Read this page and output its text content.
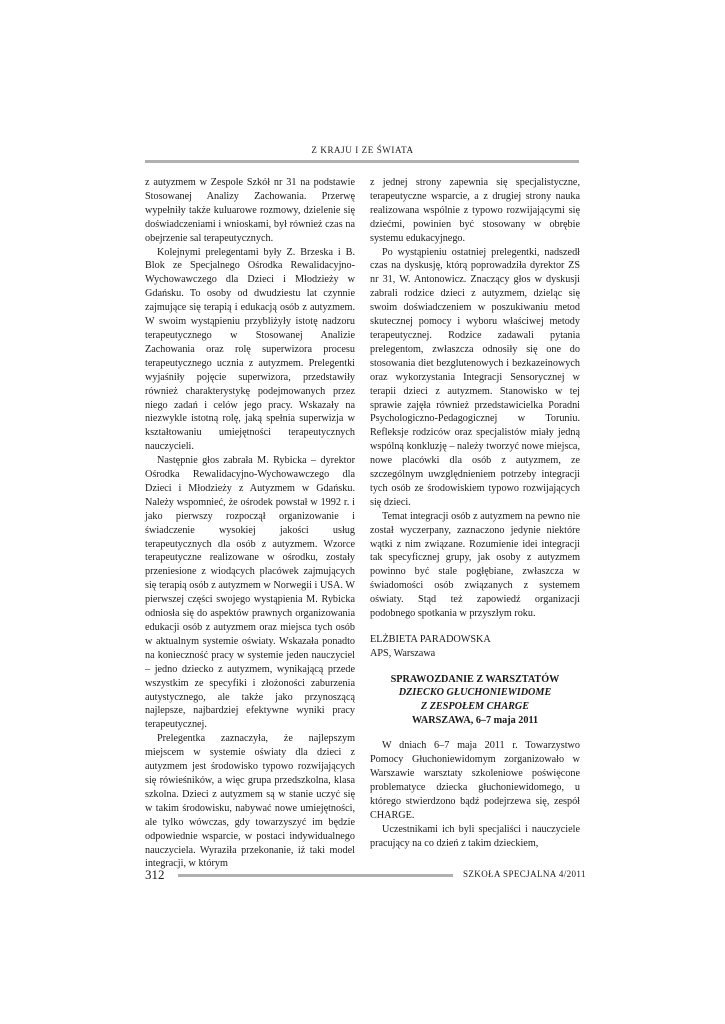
Z KRAJU I ZE ŚWIATA

z autyzmem w Zespole Szkół nr 31 na podstawie Stosowanej Analizy Zachowania. Przerwę wypełniły także kuluarowe rozmowy, dzielenie się doświadczeniami i wnioskami, był również czas na obejrzenie sal terapeutycznych.

Kolejnymi prelegentami były Z. Brzeska i B. Blok ze Specjalnego Ośrodka Rewalidacyjno-Wychowawczego dla Dzieci i Młodzieży w Gdańsku. To osoby od dwudziestu lat czynnie zajmujące się terapią i edukacją osób z autyzmem. W swoim wystąpieniu przybliżyły istotę nadzoru terapeutycznego w Stosowanej Analizie Zachowania oraz rolę superwizora procesu terapeutycznego ucznia z autyzmem. Prelegentki wyjaśniły pojęcie superwizora, przedstawiły również charakterystykę podejmowanych przez niego zadań i celów jego pracy. Wskazały na niezwykle istotną rolę, jaką spełnia superwizja w kształtowaniu umiejętności terapeutycznych nauczycieli.

Następnie głos zabrała M. Rybicka – dyrektor Ośrodka Rewalidacyjno-Wychowawczego dla Dzieci i Młodzieży z Autyzmem w Gdańsku. Należy wspomnieć, że ośrodek powstał w 1992 r. i jako pierwszy rozpoczął organizowanie i świadczenie wysokiej jakości usług terapeutycznych dla osób z autyzmem. Wzorce terapeutyczne realizowane w ośrodku, zostały przeniesione z wiodących placówek zajmujących się terapią osób z autyzmem w Norwegii i USA. W pierwszej części swojego wystąpienia M. Rybicka odniosła się do aspektów prawnych organizowania edukacji osób z autyzmem oraz miejsca tych osób w aktualnym systemie oświaty. Wskazała ponadto na konieczność pracy w systemie jeden nauczyciel – jedno dziecko z autyzmem, wynikającą przede wszystkim ze specyfiki i złożoności zaburzenia autystycznego, ale także jako przynoszącą najlepsze, najbardziej efektywne wyniki pracy terapeutycznej.

Prelegentka zaznaczyła, że najlepszym miejscem w systemie oświaty dla dzieci z autyzmem jest środowisko typowo rozwijających się rówieśników, a więc grupa przedszkolna, klasa szkolna. Dzieci z autyzmem są w stanie uczyć się w takim środowisku, nabywać nowe umiejętności, ale tylko wówczas, gdy towarzyszyć im będzie odpowiednie wsparcie, w postaci indywidualnego nauczyciela. Wyraziła przekonanie, iż taki model integracji, w którym

z jednej strony zapewnia się specjalistyczne, terapeutyczne wsparcie, a z drugiej strony nauka realizowana wspólnie z typowo rozwijającymi się dziećmi, powinien być stosowany w obrębie systemu edukacyjnego.

Po wystąpieniu ostatniej prelegentki, nadszedł czas na dyskusję, którą poprowadziła dyrektor ZS nr 31, W. Antonowicz. Znaczący głos w dyskusji zabrali rodzice dzieci z autyzmem, dzieląc się swoim doświadczeniem w poszukiwaniu metod skutecznej pomocy i wyboru właściwej metody terapeutycznej. Rodzice zadawali pytania prelegentom, zwłaszcza odnosiły się one do stosowania diet bezglutenowych i bezkazeinowych oraz wykorzystania Integracji Sensorycznej w terapii dzieci z autyzmem. Stanowisko w tej sprawie zajęła również przedstawicielka Poradni Psychologiczno-Pedagogicznej w Toruniu. Refleksje rodziców oraz specjalistów miały jedną wspólną konkluzję – należy tworzyć nowe miejsca, nowe placówki dla osób z autyzmem, ze szczególnym uwzględnieniem potrzeby integracji tych osób ze środowiskiem typowo rozwijających się dzieci.

Temat integracji osób z autyzmem na pewno nie został wyczerpany, zaznaczono jedynie niektóre wątki z nim związane. Rozumienie idei integracji tak specyficznej grupy, jak osoby z autyzmem powinno być stale pogłębiane, zwłaszcza w świadomości osób związanych z systemem oświaty. Stąd też zapowiedź organizacji podobnego spotkania w przyszłym roku.

ELŻBIETA PARADOWSKA

APS, Warszawa

SPRAWOZDANIE Z WARSZTATÓW
DZIECKO GŁUCHONIEWIDOME
Z ZESPOŁEM CHARGE
WARSZAWA, 6–7 maja 2011

W dniach 6–7 maja 2011 r. Towarzystwo Pomocy Głuchoniewidomym zorganizowało w Warszawie warsztaty szkoleniowe poświęcone problematyce dziecka głuchoniewidomego, u którego stwierdzono bądź podejrzewa się, zespół CHARGE.

Uczestnikami ich byli specjaliści i nauczyciele pracujący na co dzień z takim dzieckiem,

312	SZKOŁA SPECJALNA 4/2011
